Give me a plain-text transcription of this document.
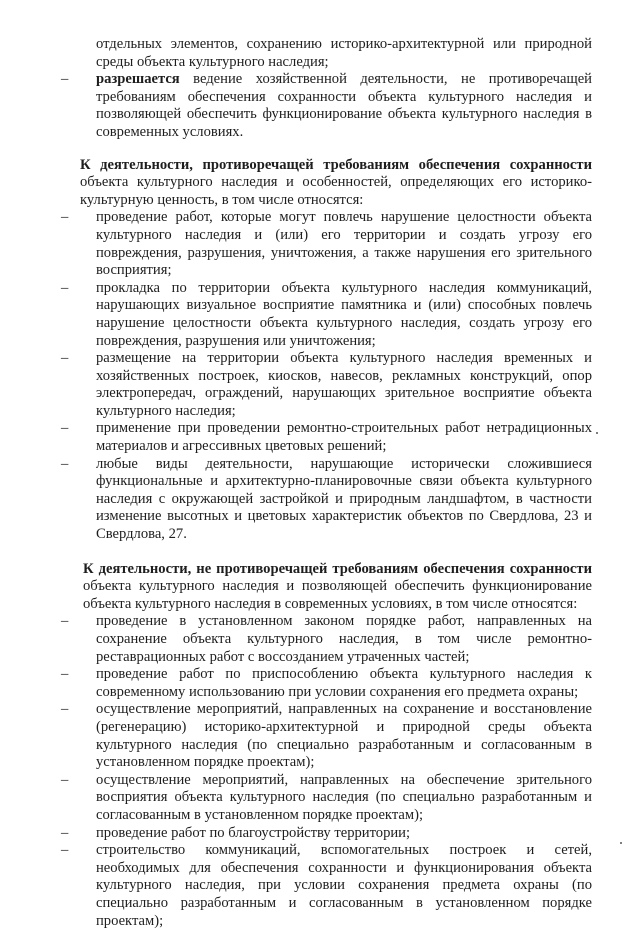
отдельных элементов, сохранению историко-архитектурной или природной среды объекта культурного наследия;
–	разрешается ведение хозяйственной деятельности, не противоречащей требованиям обеспечения сохранности объекта культурного наследия и позволяющей обеспечить функционирование объекта культурного наследия в современных условиях.
К деятельности, противоречащей требованиям обеспечения сохранности объекта культурного наследия и особенностей, определяющих его историко-культурную ценность, в том числе относятся:
–	проведение работ, которые могут повлечь нарушение целостности объекта культурного наследия и (или) его территории и создать угрозу его повреждения, разрушения, уничтожения, а также нарушения его зрительного восприятия;
–	прокладка по территории объекта культурного наследия коммуникаций, нарушающих визуальное восприятие памятника и (или) способных повлечь нарушение целостности объекта культурного наследия, создать угрозу его повреждения, разрушения или уничтожения;
–	размещение на территории объекта культурного наследия временных и хозяйственных построек, киосков, навесов, рекламных конструкций, опор электропередач, ограждений, нарушающих зрительное восприятие объекта культурного наследия;
–	применение при проведении ремонтно-строительных работ нетрадиционных материалов и агрессивных цветовых решений;
–	любые виды деятельности, нарушающие исторически сложившиеся функциональные и архитектурно-планировочные связи объекта культурного наследия с окружающей застройкой и природным ландшафтом, в частности изменение высотных и цветовых характеристик объектов по Свердлова, 23 и Свердлова, 27.
К деятельности, не противоречащей требованиям обеспечения сохранности объекта культурного наследия и позволяющей обеспечить функционирование объекта культурного наследия в современных условиях, в том числе относятся:
–	проведение в установленном законом порядке работ, направленных на сохранение объекта культурного наследия, в том числе ремонтно-реставрационных работ с воссозданием утраченных частей;
–	проведение работ по приспособлению объекта культурного наследия к современному использованию при условии сохранения его предмета охраны;
–	осуществление мероприятий, направленных на сохранение и восстановление (регенерацию) историко-архитектурной и природной среды объекта культурного наследия (по специально разработанным и согласованным в установленном порядке проектам);
–	осуществление мероприятий, направленных на обеспечение зрительного восприятия объекта культурного наследия (по специально разработанным и согласованным в установленном порядке проектам);
–	проведение работ по благоустройству территории;
–	строительство коммуникаций, вспомогательных построек и сетей, необходимых для обеспечения сохранности и функционирования объекта культурного наследия, при условии сохранения предмета охраны (по специально разработанным и согласованным в установленном порядке проектам);
